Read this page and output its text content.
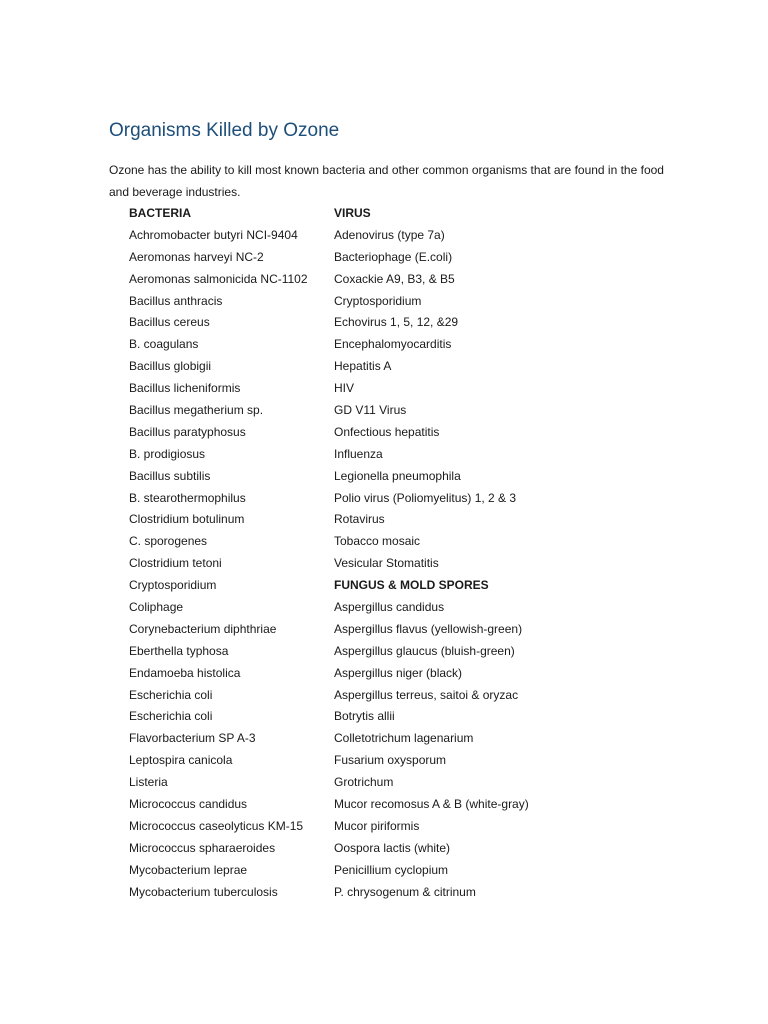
Organisms Killed by Ozone

Ozone has the ability to kill most known bacteria and other common organisms that are found in the food and beverage industries.

BACTERIA	VIRUS
Achromobacter butyri NCI-9404	Adenovirus (type 7a)
Aeromonas harveyi NC-2	Bacteriophage (E.coli)
Aeromonas salmonicida NC-1102	Coxackie A9, B3, & B5
Bacillus anthracis	Cryptosporidium
Bacillus cereus	Echovirus 1, 5, 12, &29
B. coagulans	Encephalomyocarditis
Bacillus globigii	Hepatitis A
Bacillus licheniformis	HIV
Bacillus megatherium sp.	GD V11 Virus
Bacillus paratyphosus	Onfectious hepatitis
B. prodigiosus	Influenza
Bacillus subtilis	Legionella pneumophila
B. stearothermophilus	Polio virus (Poliomyelitus) 1, 2 & 3
Clostridium botulinum	Rotavirus
C. sporogenes	Tobacco mosaic
Clostridium tetoni	Vesicular Stomatitis
Cryptosporidium	FUNGUS & MOLD SPORES
Coliphage	Aspergillus candidus
Corynebacterium diphthriae	Aspergillus flavus (yellowish-green)
Eberthella typhosa	Aspergillus glaucus (bluish-green)
Endamoeba histolica	Aspergillus niger (black)
Escherichia coli	Aspergillus terreus, saitoi & oryzac
Escherichia coli	Botrytis allii
Flavorbacterium SP A-3	Colletotrichum lagenarium
Leptospira canicola	Fusarium oxysporum
Listeria	Grotrichum
Micrococcus candidus	Mucor recomosus A & B (white-gray)
Micrococcus caseolyticus KM-15	Mucor piriformis
Micrococcus spharaeroides	Oospora lactis (white)
Mycobacterium leprae	Penicillium cyclopium
Mycobacterium tuberculosis	P. chrysogenum & citrinum
